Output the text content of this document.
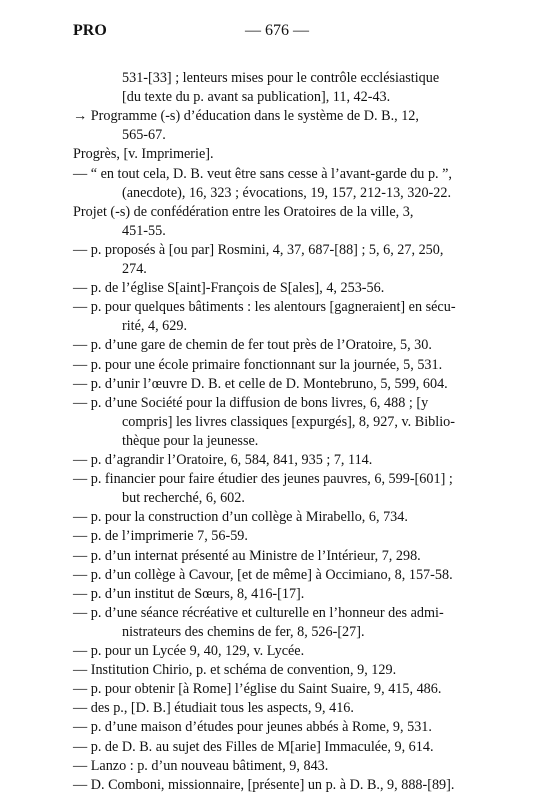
PRO	— 676 —
531-[33] ; lenteurs mises pour le contrôle ecclésiastique
[du texte du p. avant sa publication], 11, 42-43.
→ Programme (-s) d’éducation dans le système de D. B., 12,
565-67.
Progrès, [v. Imprimerie].
— “ en tout cela, D. B. veut être sans cesse à l’avant-garde du p. ”,
(anecdote), 16, 323 ; évocations, 19, 157, 212-13, 320-22.
Projet (-s) de confédération entre les Oratoires de la ville, 3,
451-55.
— p. proposés à [ou par] Rosmini, 4, 37, 687-[88] ; 5, 6, 27, 250,
274.
— p. de l’église S[aint]-François de S[ales], 4, 253-56.
— p. pour quelques bâtiments : les alentours [gagneraient] en sécu-
rité, 4, 629.
— p. d’une gare de chemin de fer tout près de l’Oratoire, 5, 30.
— p. pour une école primaire fonctionnant sur la journée, 5, 531.
— p. d’unir l’œuvre D. B. et celle de D. Montebruno, 5, 599, 604.
— p. d’une Société pour la diffusion de bons livres, 6, 488 ; [y
compris] les livres classiques [expurgés], 8, 927, v. Biblio-
thèque pour la jeunesse.
— p. d’agrandir l’Oratoire, 6, 584, 841, 935 ; 7, 114.
— p. financier pour faire étudier des jeunes pauvres, 6, 599-[601] ;
but recherché, 6, 602.
— p. pour la construction d’un collège à Mirabello, 6, 734.
— p. de l’imprimerie 7, 56-59.
— p. d’un internat présenté au Ministre de l’Intérieur, 7, 298.
— p. d’un collège à Cavour, [et de même] à Occimiano, 8, 157-58.
— p. d’un institut de Sœurs, 8, 416-[17].
— p. d’une séance récréative et culturelle en l’honneur des admi-
nistrateurs des chemins de fer, 8, 526-[27].
— p. pour un Lycée 9, 40, 129, v. Lycée.
— Institution Chirio, p. et schéma de convention, 9, 129.
— p. pour obtenir [à Rome] l’église du Saint Suaire, 9, 415, 486.
— des p., [D. B.] étudiait tous les aspects, 9, 416.
— p. d’une maison d’études pour jeunes abbés à Rome, 9, 531.
— p. de D. B. au sujet des Filles de M[arie] Immaculée, 9, 614.
— Lanzo : p. d’un nouveau bâtiment, 9, 843.
— D. Comboni, missionnaire, [présente] un p. à D. B., 9, 888-[89].
